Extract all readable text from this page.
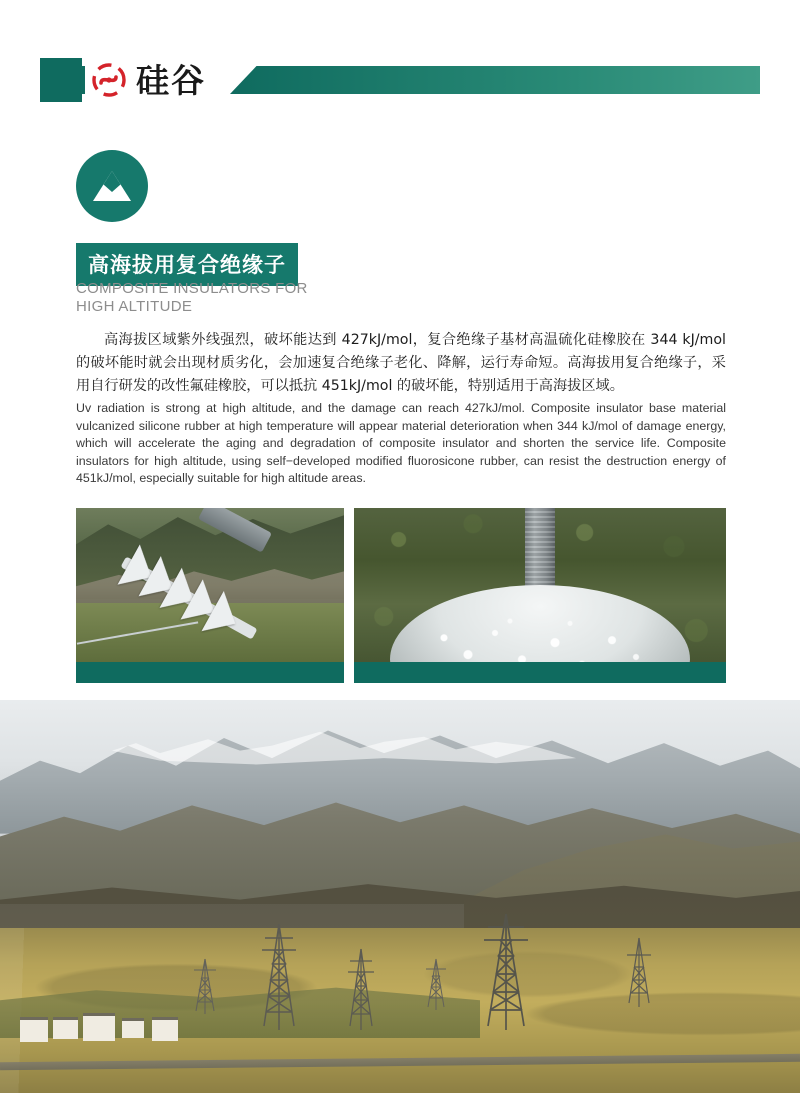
硅谷
高海拔用复合绝缘子
COMPOSITE INSULATORS FOR
HIGH ALTITUDE

高海拔区域紫外线强烈，破坏能达到 427kJ/mol，复合绝缘子基材高温硫化硅橡胶在 344 kJ/mol 的破坏能时就会出现材质劣化，会加速复合绝缘子老化、降解，运行寿命短。高海拔用复合绝缘子，采用自行研发的改性氟硅橡胶，可以抵抗 451kJ/mol 的破坏能，特别适用于高海拔区域。

Uv radiation is strong at high altitude, and the damage can reach 427kJ/mol. Composite insulator base material vulcanized silicone rubber at high temperature will appear material deterioration when 344 kJ/mol of damage energy, which will accelerate the aging and degradation of composite insulator and shorten the service life. Composite insulators for high altitude, using self−developed modified fluorosicone rubber, can resist the destruction energy of 451kJ/mol, especially suitable for high altitude areas.
